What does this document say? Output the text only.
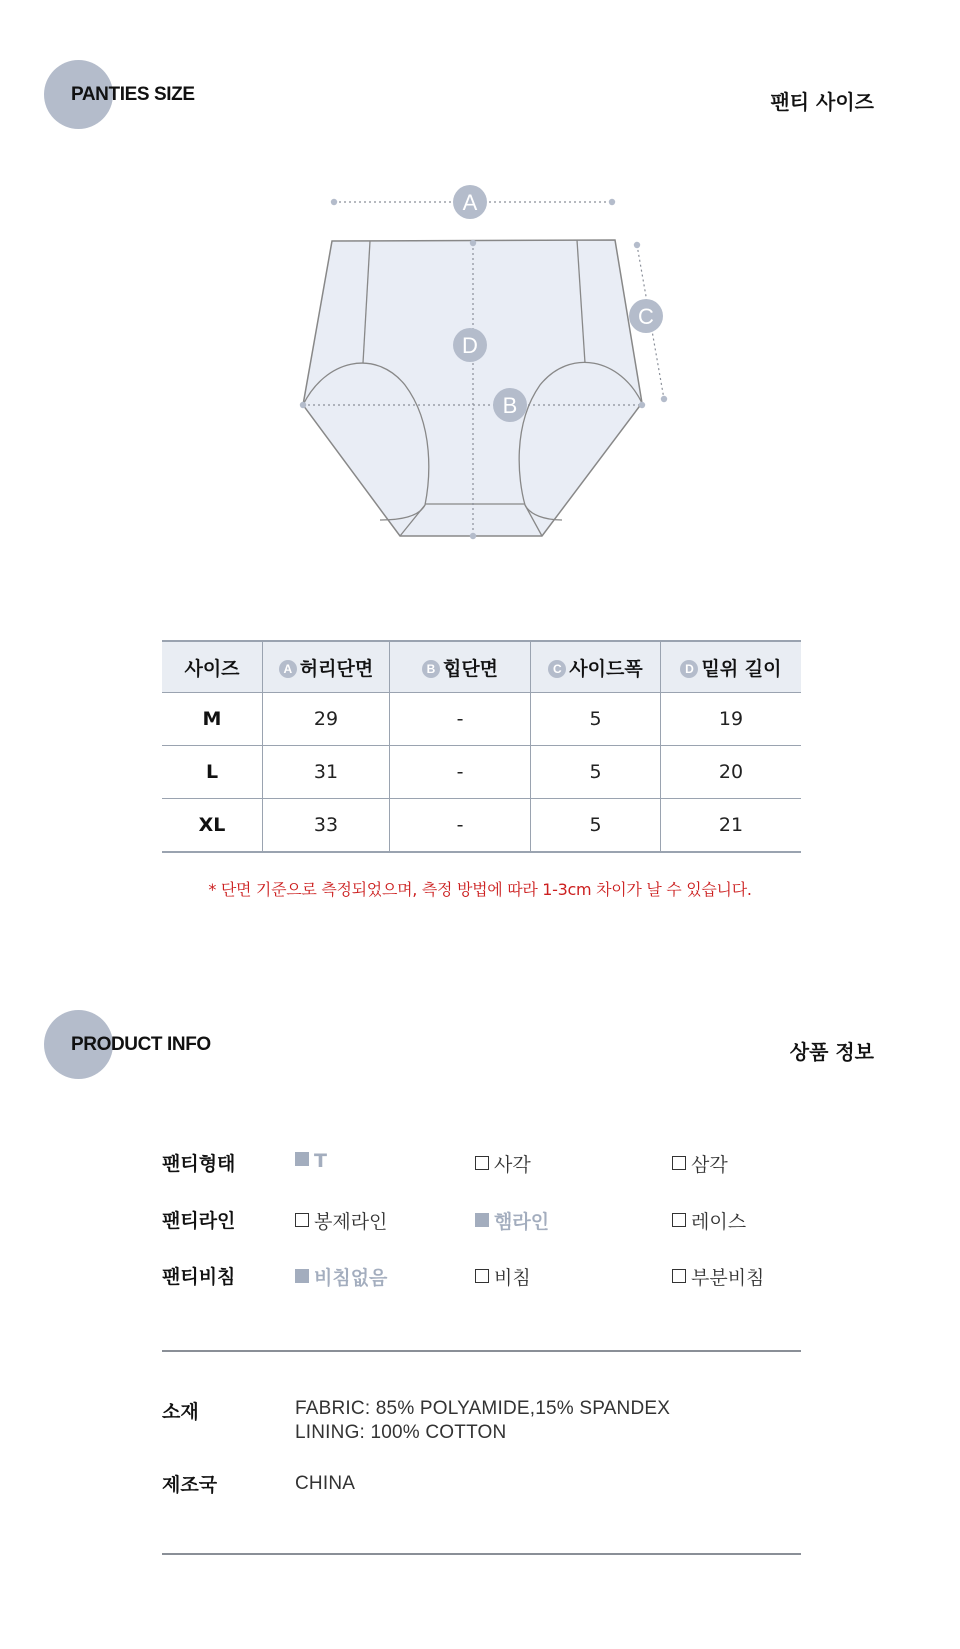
PANTIES SIZE	팬티 사이즈
A
D
B
C
사이즈	A 허리단면	B 힙단면	C 사이드폭	D 밑위 길이
M	29	-	5	19
L	31	-	5	20
XL	33	-	5	21
* 단면 기준으로 측정되었으며, 측정 방법에 따라 1-3cm 차이가 날 수 있습니다.
PRODUCT INFO	상품 정보
팬티형태	T	사각	삼각
팬티라인	봉제라인	햄라인	레이스
팬티비침	비침없음	비침	부분비침
소재	FABRIC: 85% POLYAMIDE,15% SPANDEX
LINING: 100% COTTON
제조국	CHINA
